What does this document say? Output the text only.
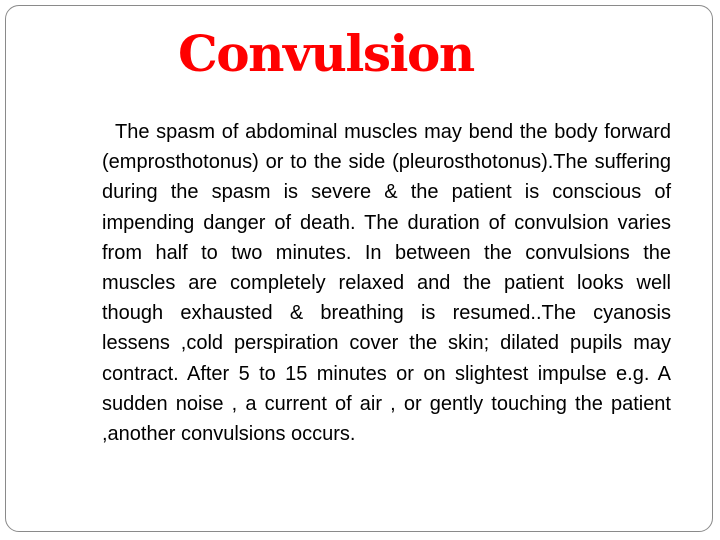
Convulsion

The spasm of abdominal muscles may bend the body forward (emprosthotonus) or to the side (pleurosthotonus).The suffering during the spasm is severe & the patient is conscious of impending danger of death. The duration of convulsion varies from half to two minutes. In between the convulsions the muscles are completely relaxed and the patient looks well though exhausted & breathing is resumed..The cyanosis lessens ,cold perspiration cover the skin; dilated pupils may contract. After 5 to 15 minutes or on slightest impulse e.g. A sudden noise , a current of air , or gently touching the patient ,another convulsions occurs.
